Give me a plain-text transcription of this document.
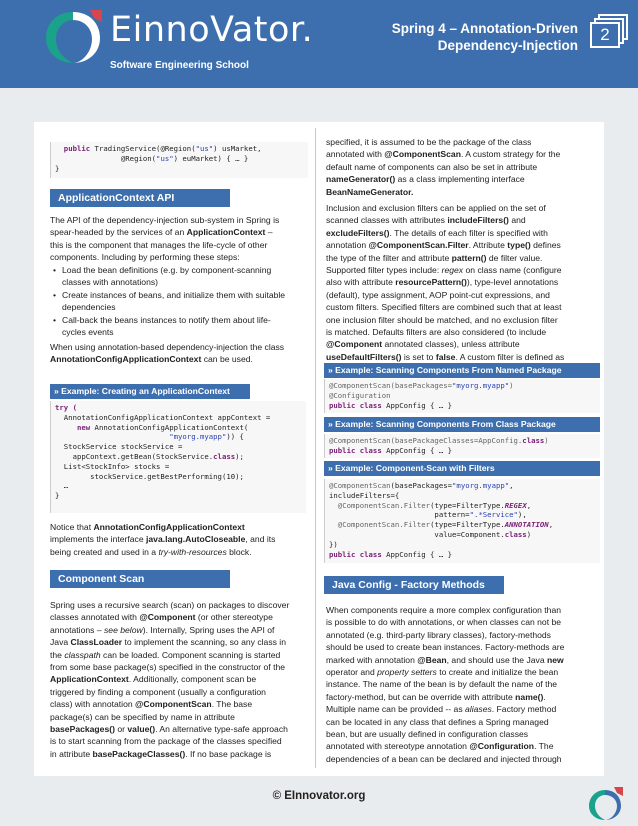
EinnoVator.
Software Engineering School
Spring 4 – Annotation-Driven
Dependency-Injection
2
public TradingService(@Region("us") usMarket,
@Region("us") euMarket) { … }
}
ApplicationContext API
The API of the dependency-injection sub-system in Spring is
spear-headed by the services of an ApplicationContext –
this is the component that manages the life-cycle of other
components. Including by performing these steps:
• Load the bean definitions (e.g. by component-scanning
classes with annotations)
• Create instances of beans, and initialize them with suitable
dependencies
• Call-back the beans instances to notify them about life-
cycles events
When using annotation-based dependency-injection the class
AnnotationConfigApplicationContext can be used.
» Example: Creating an ApplicationContext
try (
AnnotationConfigApplicationContext appContext =
new AnnotationConfigApplicationContext(
"myorg.myapp")) {
StockService stockService =
appContext.getBean(StockService.class);
List<StockInfo> stocks =
stockService.getBestPerforming(10);
…
}
Notice that AnnotationConfigApplicationContext
implements the interface java.lang.AutoCloseable, and its
being created and used in a try-with-resources block.
Component Scan
Spring uses a recursive search (scan) on packages to discover
classes annotated with @Component (or other stereotype
annotations – see below). Internally, Spring uses the API of
Java ClassLoader to implement the scanning, so any class in
the classpath can be loaded. Component scanning is started
from some base package(s) specified in the constructor of the
ApplicationContext. Additionally, component scan be
triggered by finding a component (usually a configuration
class) with annotation @ComponentScan. The base
package(s) can be specified by name in attribute
basePackages() or value(). An alternative type-safe approach
is to start scanning from the package of the classes specified
in attribute basePackageClasses(). If no base package is
specified, it is assumed to be the package of the class
annotated with @ComponentScan. A custom strategy for the
default name of components can also be set in attribute
nameGenerator() as a class implementing interface
BeanNameGenerator.
Inclusion and exclusion filters can be applied on the set of
scanned classes with attributes includeFilters() and
excludeFilters(). The details of each filter is specified with
annotation @ComponentScan.Filter. Attribute type() defines
the type of the filter and attribute pattern() de filter value.
Supported filter types include: regex on class name (configure
also with attribute resourcePattern()), type-level annotations
(default), type assignment, AOP point-cut expressions, and
custom filters. Specified filters are combined such that at least
one inclusion filter should be matched, and no exclusion filter
is matched. Defaults filters are also considered (to include
@Component annotated classes), unless attribute
useDefaultFilters() is set to false. A custom filter is defined as
» Example: Scanning Components From Named Package
@ComponentScan(basePackages="myorg.myapp")
@Configuration
public class AppConfig { … }
» Example: Scanning Components From Class Package
@ComponentScan(basePackageClasses=AppConfig.class)
public class AppConfig { … }
» Example: Component-Scan with Filters
@ComponentScan(basePackages="myorg.myapp",
includeFilters={
@ComponentScan.Filter(type=FilterType.REGEX,
pattern=".*Service"),
@ComponentScan.Filter(type=FilterType.ANNOTATION,
value=Component.class)
})
public class AppConfig { … }
Java Config - Factory Methods
When components require a more complex configuration than
is possible to do with annotations, or when classes can not be
annotated (e.g. third-party library classes), factory-methods
should be used to create bean instances. Factory-methods are
marked with annotation @Bean, and should use the Java new
operator and property setters to create and initialize the bean
instance. The name of the bean is by default the name of the
factory-method, but can be override with attribute name().
Multiple name can be provided -- as aliases. Factory method
can be located in any class that defines a Spring managed
bean, but are usually defined in configuration classes
annotated with stereotype annotation @Configuration. The
dependencies of a bean can be declared and injected through
© EInnovator.org
